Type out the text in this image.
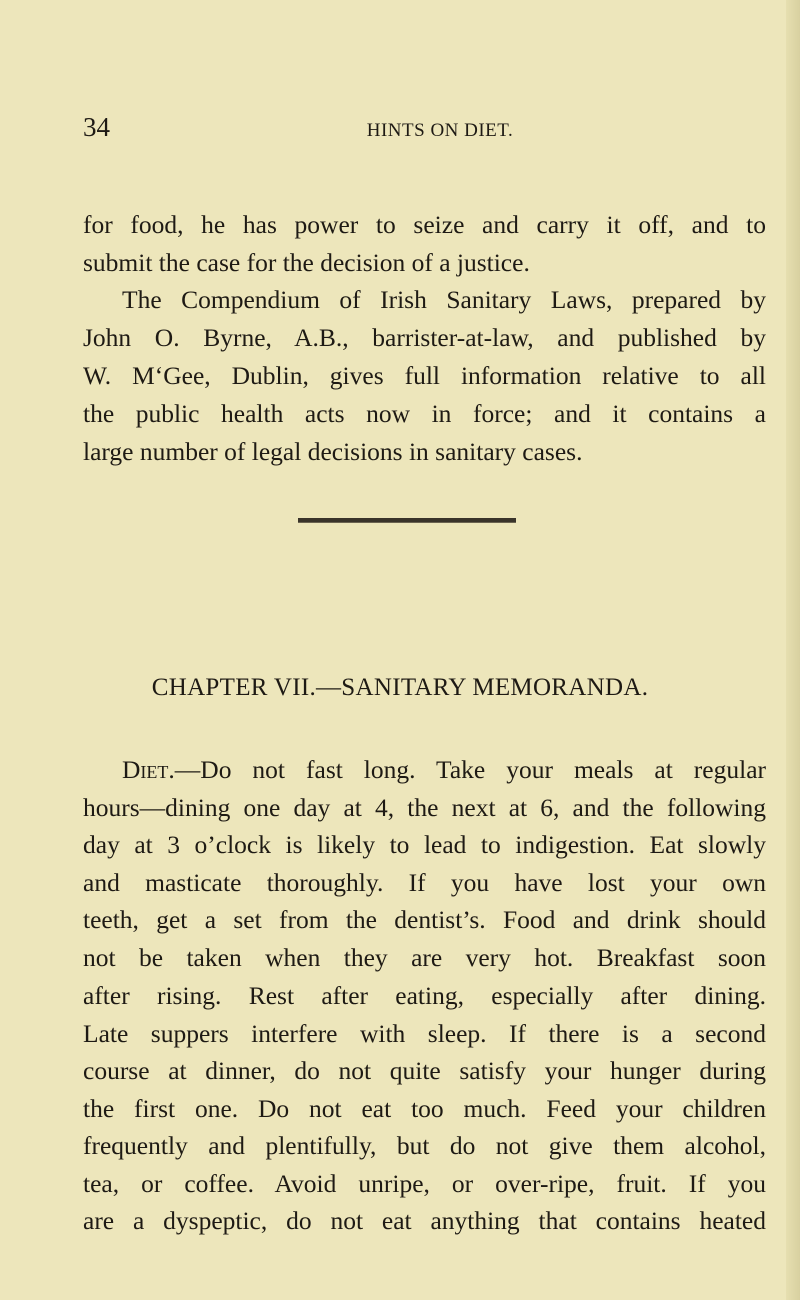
34	HINTS ON DIET.
for food, he has power to seize and carry it off, and to
submit the case for the decision of a justice.
The Compendium of Irish Sanitary Laws, prepared by
John O. Byrne, A.B., barrister-at-law, and published by
W. M‘Gee, Dublin, gives full information relative to all
the public health acts now in force; and it contains a
large number of legal decisions in sanitary cases.
CHAPTER VII.—SANITARY MEMORANDA.
Diet.—Do not fast long. Take your meals at regular
hours—dining one day at 4, the next at 6, and the following
day at 3 o’clock is likely to lead to indigestion. Eat slowly
and masticate thoroughly. If you have lost your own
teeth, get a set from the dentist’s. Food and drink should
not be taken when they are very hot. Breakfast soon
after rising. Rest after eating, especially after dining.
Late suppers interfere with sleep. If there is a second
course at dinner, do not quite satisfy your hunger during
the first one. Do not eat too much. Feed your children
frequently and plentifully, but do not give them alcohol,
tea, or coffee. Avoid unripe, or over-ripe, fruit. If you
are a dyspeptic, do not eat anything that contains heated
